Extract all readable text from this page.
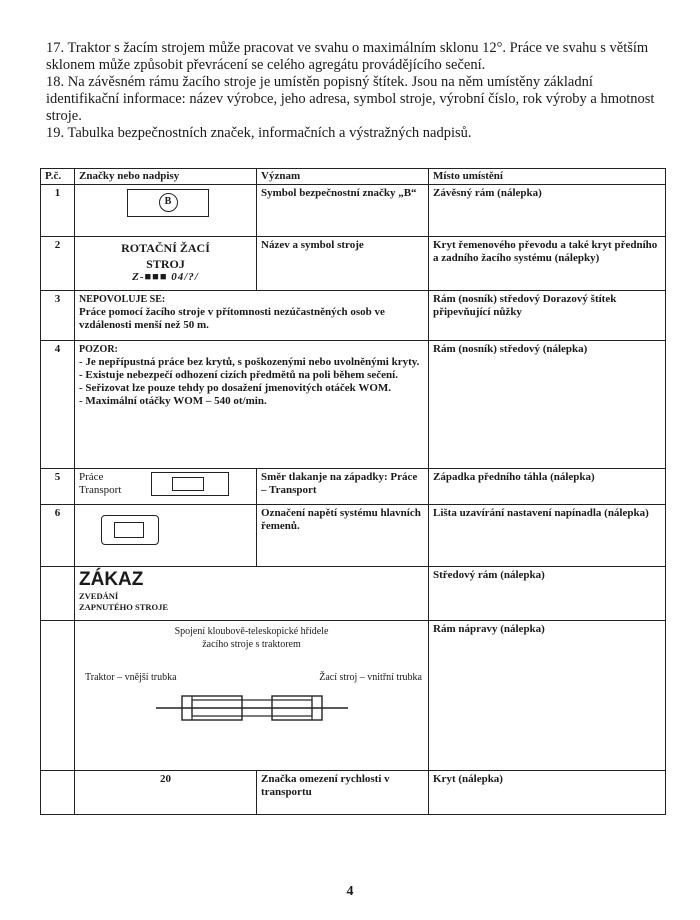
17. Traktor s žacím strojem může pracovat ve svahu o maximálním sklonu 12°. Práce ve svahu s větším sklonem může způsobit převrácení se celého agregátu provádějícího sečení.

18. Na závěsném rámu žacího stroje je umístěn popisný štítek. Jsou na něm umístěny základní identifikační informace: název výrobce, jeho adresa, symbol stroje, výrobní číslo, rok výroby a hmotnost stroje.

19. Tabulka bezpečnostních značek, informačních a výstražných nadpisů.

P.č.	Značky nebo nadpisy	Význam	Místo umístění
1	B	Symbol bezpečnostní značky „B“	Závěsný rám (nálepka)
2	ROTAČNÍ ŽACÍ
STROJ
Z-■■■ 04/?/	Název a symbol stroje	Kryt řemenového převodu a také kryt předního a zadního žacího systému (nálepky)
3	NEPOVOLUJE SE:
Práce pomocí žacího stroje v přítomnosti nezúčastněných osob ve vzdálenosti menší než 50 m.		Rám (nosník) středový Dorazový štítek připevňující nůžky
4	POZOR:
- Je nepřípustná práce bez krytů, s poškozenými nebo uvolněnými kryty.
- Existuje nebezpečí odhození cizích předmětů na poli během sečení.
- Seřizovat lze pouze tehdy po dosažení jmenovitých otáček WOM.
- Maximální otáčky WOM – 540 ot/min.		Rám (nosník) středový (nálepka)
5	Práce Transport	Směr tlakanje na západky: Práce – Transport	Západka předního táhla (nálepka)
6		Označení napětí systému hlavních řemenů.	Lišta uzavírání nastavení napínadla (nálepka)

	ZÁKAZ
ZVEDÁNÍ
ZAPNUTÉHO STROJE		Středový rám (nálepka)

	Spojení kloubově-teleskopické hřídele žacího stroje s traktorem
Traktor – vnější trubka Žací stroj – vnitřní trubka		Rám nápravy (nálepka)
	20	Značka omezení rychlosti v transportu	Kryt (nálepka)
4
